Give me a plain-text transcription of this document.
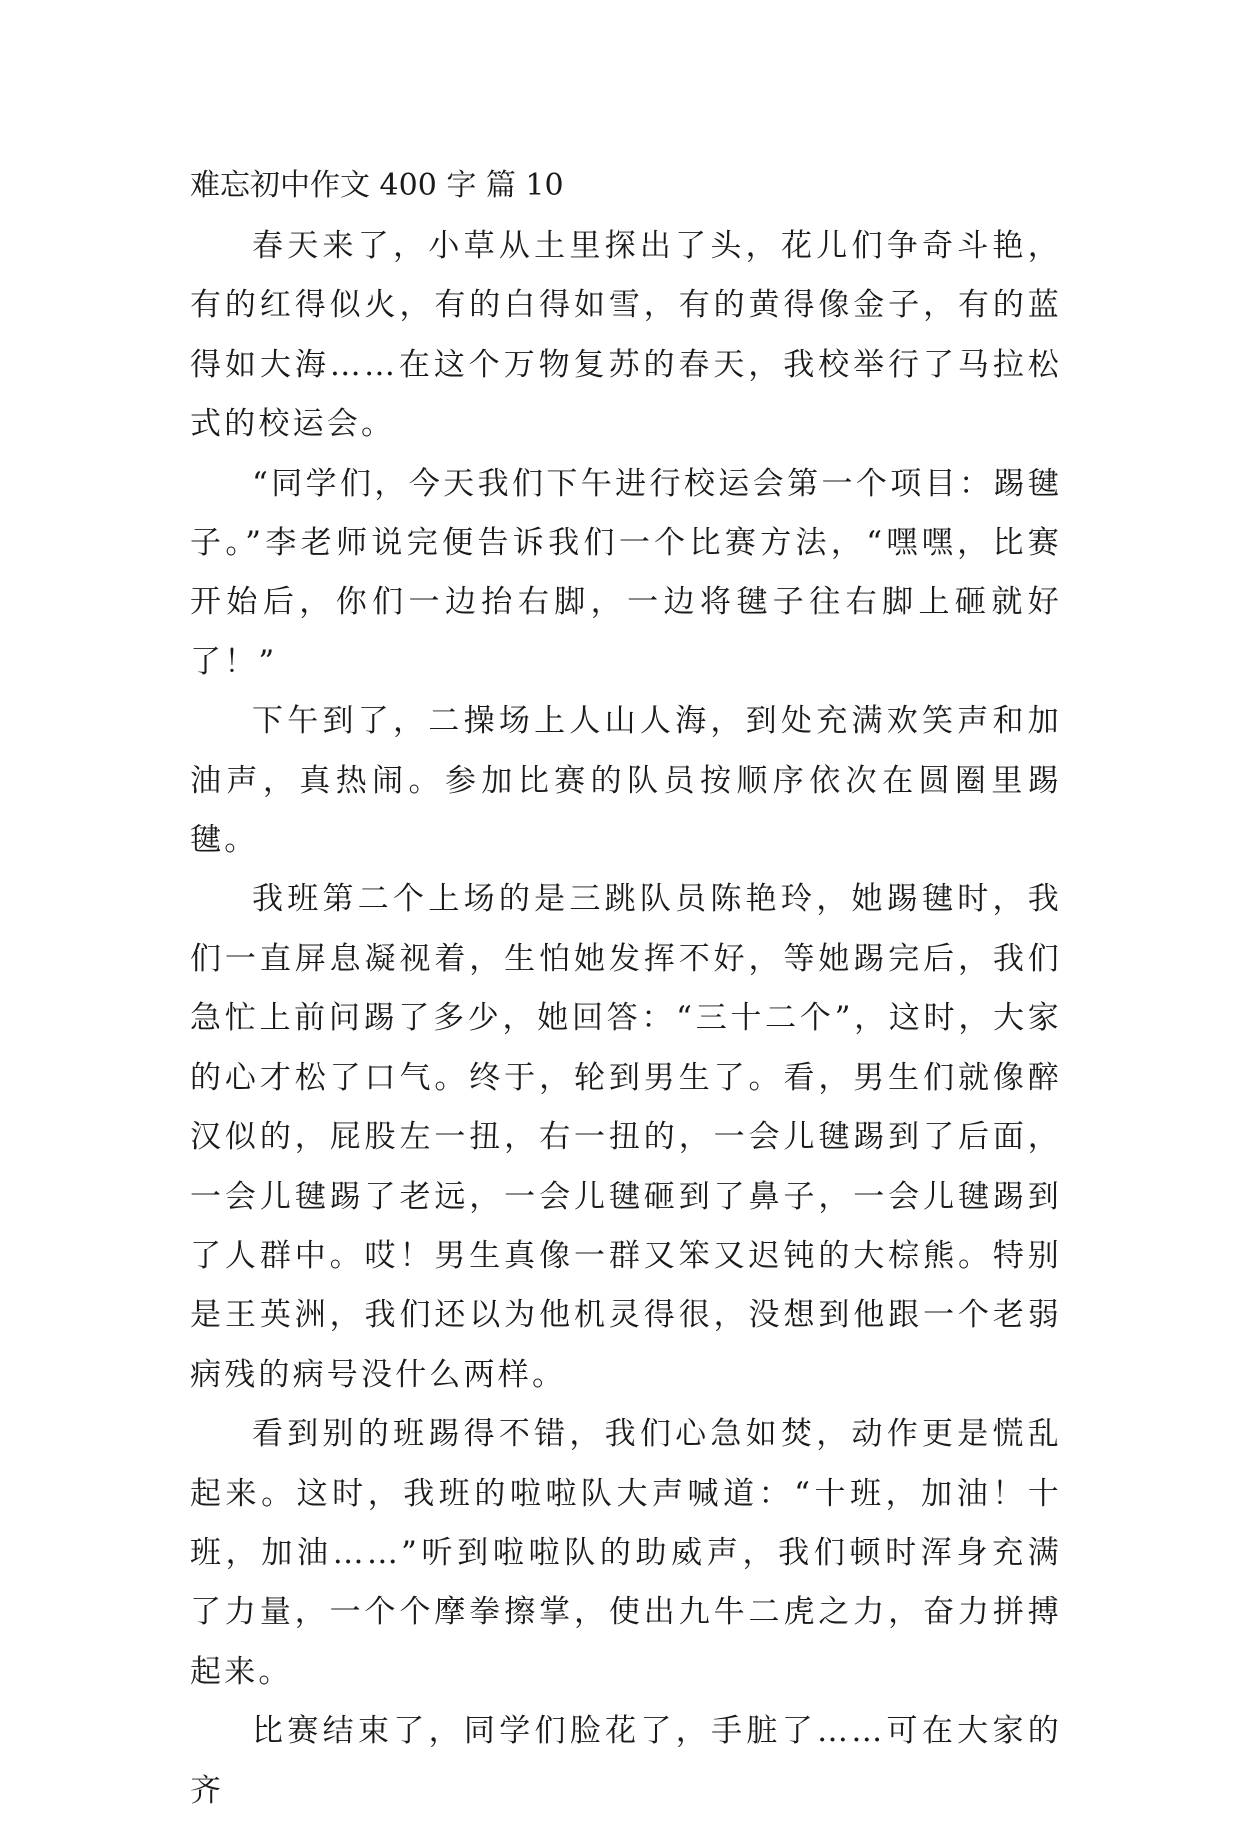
难忘初中作文 400 字 篇 10

春天来了，小草从土里探出了头，花儿们争奇斗艳，有的红得似火，有的白得如雪，有的黄得像金子，有的蓝得如大海……在这个万物复苏的春天，我校举行了马拉松式的校运会。

“同学们，今天我们下午进行校运会第一个项目：踢毽子。”李老师说完便告诉我们一个比赛方法，“嘿嘿，比赛开始后，你们一边抬右脚，一边将毽子往右脚上砸就好了！”

下午到了，二操场上人山人海，到处充满欢笑声和加油声，真热闹。参加比赛的队员按顺序依次在圆圈里踢毽。

我班第二个上场的是三跳队员陈艳玲，她踢毽时，我们一直屏息凝视着，生怕她发挥不好，等她踢完后，我们急忙上前问踢了多少，她回答：“三十二个”，这时，大家的心才松了口气。终于，轮到男生了。看，男生们就像醉汉似的，屁股左一扭，右一扭的，一会儿毽踢到了后面，一会儿毽踢了老远，一会儿毽砸到了鼻子，一会儿毽踢到了人群中。哎！男生真像一群又笨又迟钝的大棕熊。特别是王英洲，我们还以为他机灵得很，没想到他跟一个老弱病残的病号没什么两样。

看到别的班踢得不错，我们心急如焚，动作更是慌乱起来。这时，我班的啦啦队大声喊道：“十班，加油！十班，加油……”听到啦啦队的助威声，我们顿时浑身充满了力量，一个个摩拳擦掌，使出九牛二虎之力，奋力拼搏起来。

比赛结束了，同学们脸花了，手脏了……可在大家的齐
